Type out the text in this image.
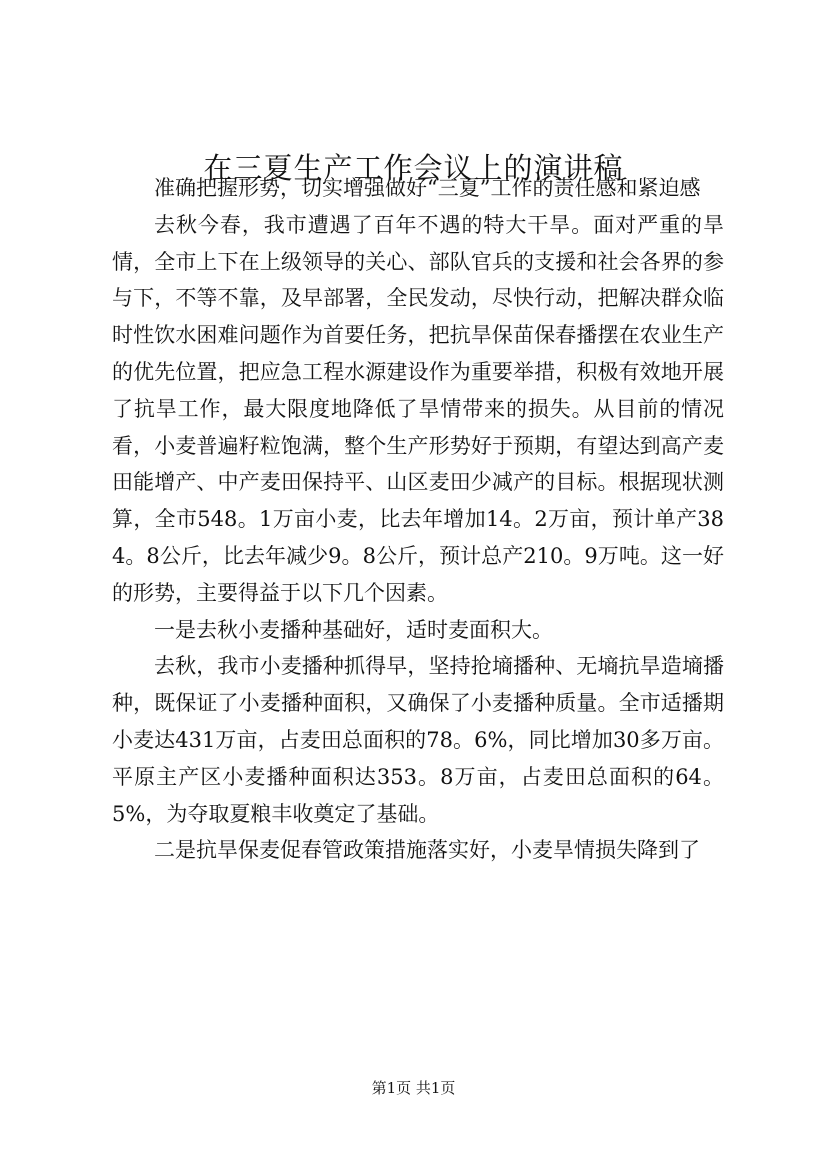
在三夏生产工作会议上的演讲稿

准确把握形势，切实增强做好“三夏”工作的责任感和紧迫感

去秋今春，我市遭遇了百年不遇的特大干旱。面对严重的旱情，全市上下在上级领导的关心、部队官兵的支援和社会各界的参与下，不等不靠，及早部署，全民发动，尽快行动，把解决群众临时性饮水困难问题作为首要任务，把抗旱保苗保春播摆在农业生产的优先位置，把应急工程水源建设作为重要举措，积极有效地开展了抗旱工作，最大限度地降低了旱情带来的损失。从目前的情况看，小麦普遍籽粒饱满，整个生产形势好于预期，有望达到高产麦田能增产、中产麦田保持平、山区麦田少减产的目标。根据现状测算，全市548。1万亩小麦，比去年增加14。2万亩，预计单产384。8公斤，比去年减少9。8公斤，预计总产210。9万吨。这一好的形势，主要得益于以下几个因素。

一是去秋小麦播种基础好，适时麦面积大。

去秋，我市小麦播种抓得早，坚持抢墒播种、无墒抗旱造墒播种，既保证了小麦播种面积，又确保了小麦播种质量。全市适播期小麦达431万亩，占麦田总面积的78。6%，同比增加30多万亩。平原主产区小麦播种面积达353。8万亩，占麦田总面积的64。5%，为夺取夏粮丰收奠定了基础。

二是抗旱保麦促春管政策措施落实好，小麦旱情损失降到了

第1页 共1页
